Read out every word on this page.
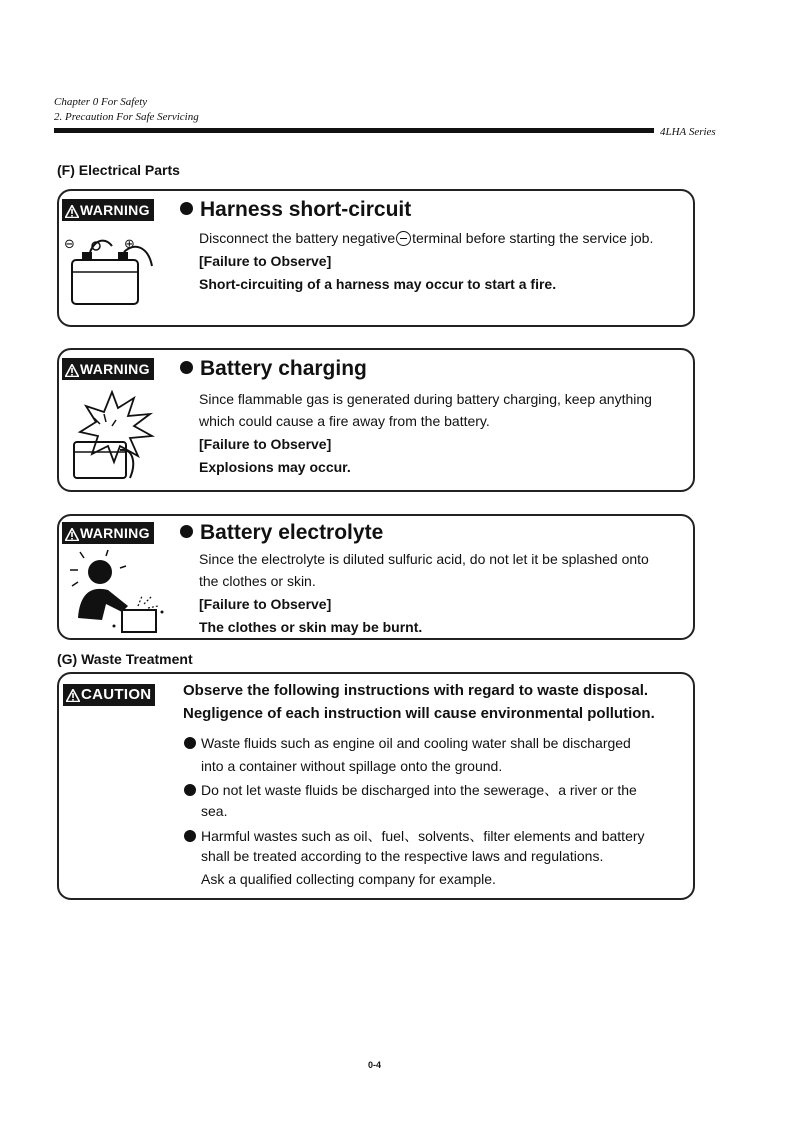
Chapter 0 For Safety
2. Precaution For Safe Servicing
4LHA Series
(F) Electrical Parts
WARNING	Harness short-circuit
Disconnect the battery negative terminal before starting the service job.
[Failure to Observe]
Short-circuiting of a harness may occur to start a fire.
⊖	⊕
WARNING	Battery charging
Since flammable gas is generated during battery charging, keep anything
which could cause a fire away from the battery.
[Failure to Observe]
Explosions may occur.
WARNING	Battery electrolyte
Since the electrolyte is diluted sulfuric acid, do not let it be splashed onto
the clothes or skin.
[Failure to Observe]
The clothes or skin may be burnt.
(G) Waste Treatment
CAUTION Observe the following instructions with regard to waste disposal.
Negligence of each instruction will cause environmental pollution.
Waste fluids such as engine oil and cooling water shall be discharged
into a container without spillage onto the ground.
Do not let waste fluids be discharged into the sewerage、a river or the
sea.
Harmful wastes such as oil、fuel、solvents、filter elements and battery
shall be treated according to the respective laws and regulations.
Ask a qualified collecting company for example.
0-4
